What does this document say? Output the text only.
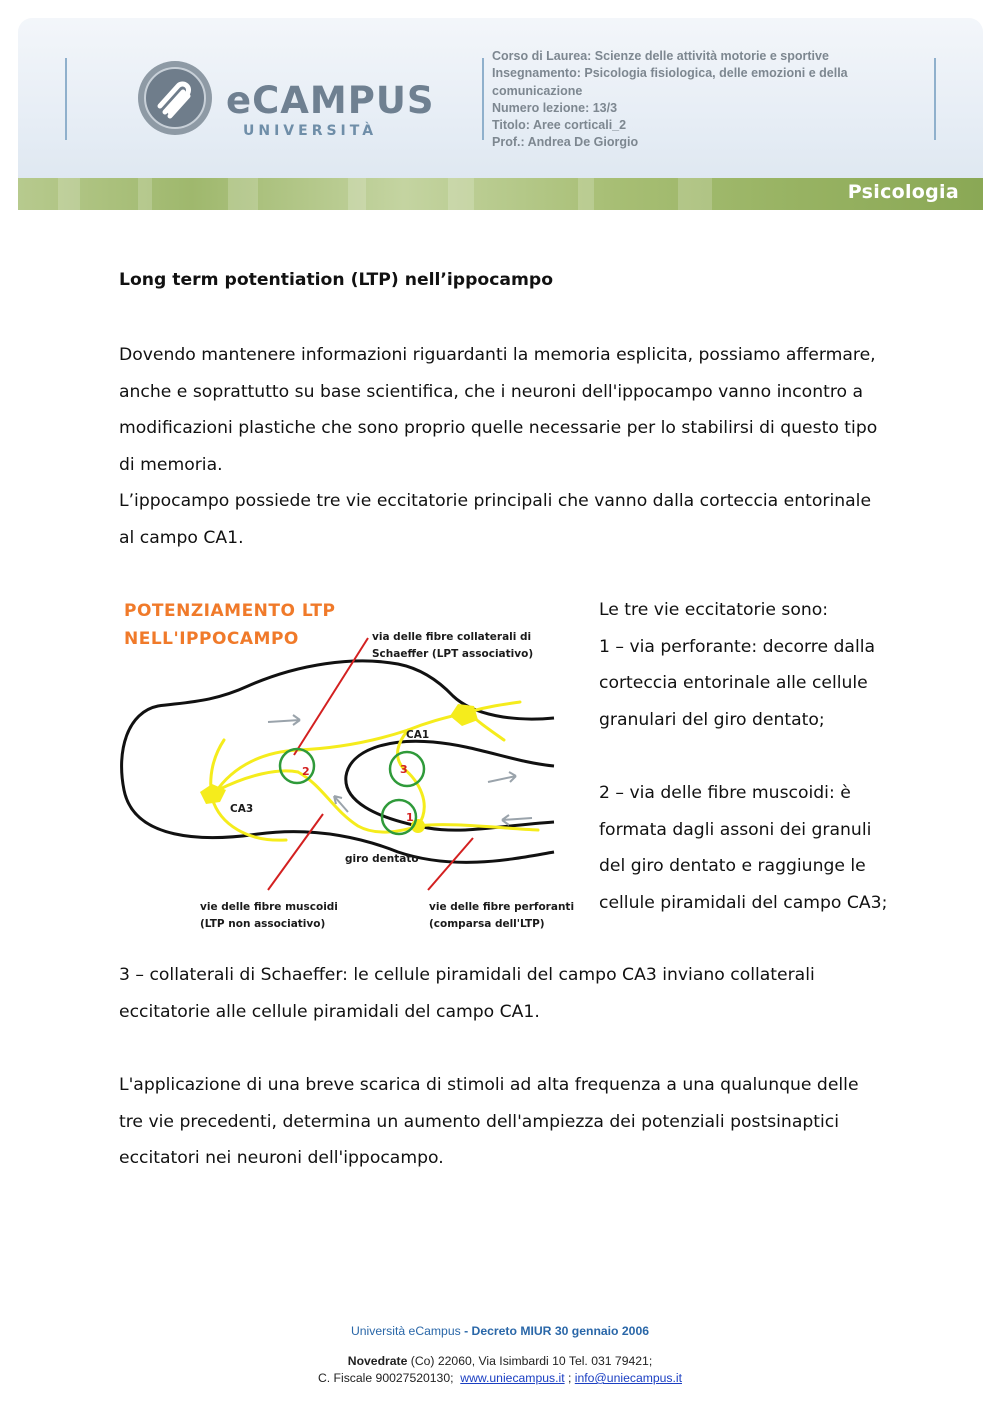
eCAMPUS
UNIVERSITÀ
Corso di Laurea: Scienze delle attività motorie e sportive
Insegnamento: Psicologia fisiologica, delle emozioni e della
comunicazione
Numero lezione: 13/3
Titolo: Aree corticali_2
Prof.: Andrea De Giorgio
Psicologia
Long term potentiation (LTP) nell’ippocampo
Dovendo mantenere informazioni riguardanti la memoria esplicita, possiamo affermare,
anche e soprattutto su base scientifica, che i neuroni dell'ippocampo vanno incontro a
modificazioni plastiche che sono proprio quelle necessarie per lo stabilirsi di questo tipo
di memoria.
L’ippocampo possiede tre vie eccitatorie principali che vanno dalla corteccia entorinale
al campo CA1.
POTENZIAMENTO LTP
NELL'IPPOCAMPO	via delle fibre collaterali di
Schaeffer (LPT associativo)
2	3
1
CA1
CA3
giro dentato
vie delle fibre muscoidi
(LTP non associativo)
vie delle fibre perforanti
(comparsa dell'LTP)
Le tre vie eccitatorie sono:
1 – via perforante: decorre dalla
corteccia entorinale alle cellule
granulari del giro dentato;
2 – via delle fibre muscoidi: è
formata dagli assoni dei granuli
del giro dentato e raggiunge le
cellule piramidali del campo CA3;
3 – collaterali di Schaeffer: le cellule piramidali del campo CA3 inviano collaterali
eccitatorie alle cellule piramidali del campo CA1.
L'applicazione di una breve scarica di stimoli ad alta frequenza a una qualunque delle
tre vie precedenti, determina un aumento dell'ampiezza dei potenziali postsinaptici
eccitatori nei neuroni dell'ippocampo.
Università eCampus - Decreto MIUR 30 gennaio 2006
Novedrate (Co) 22060, Via Isimbardi 10 Tel. 031 79421;
C. Fiscale 90027520130; www.uniecampus.it ; info@uniecampus.it
